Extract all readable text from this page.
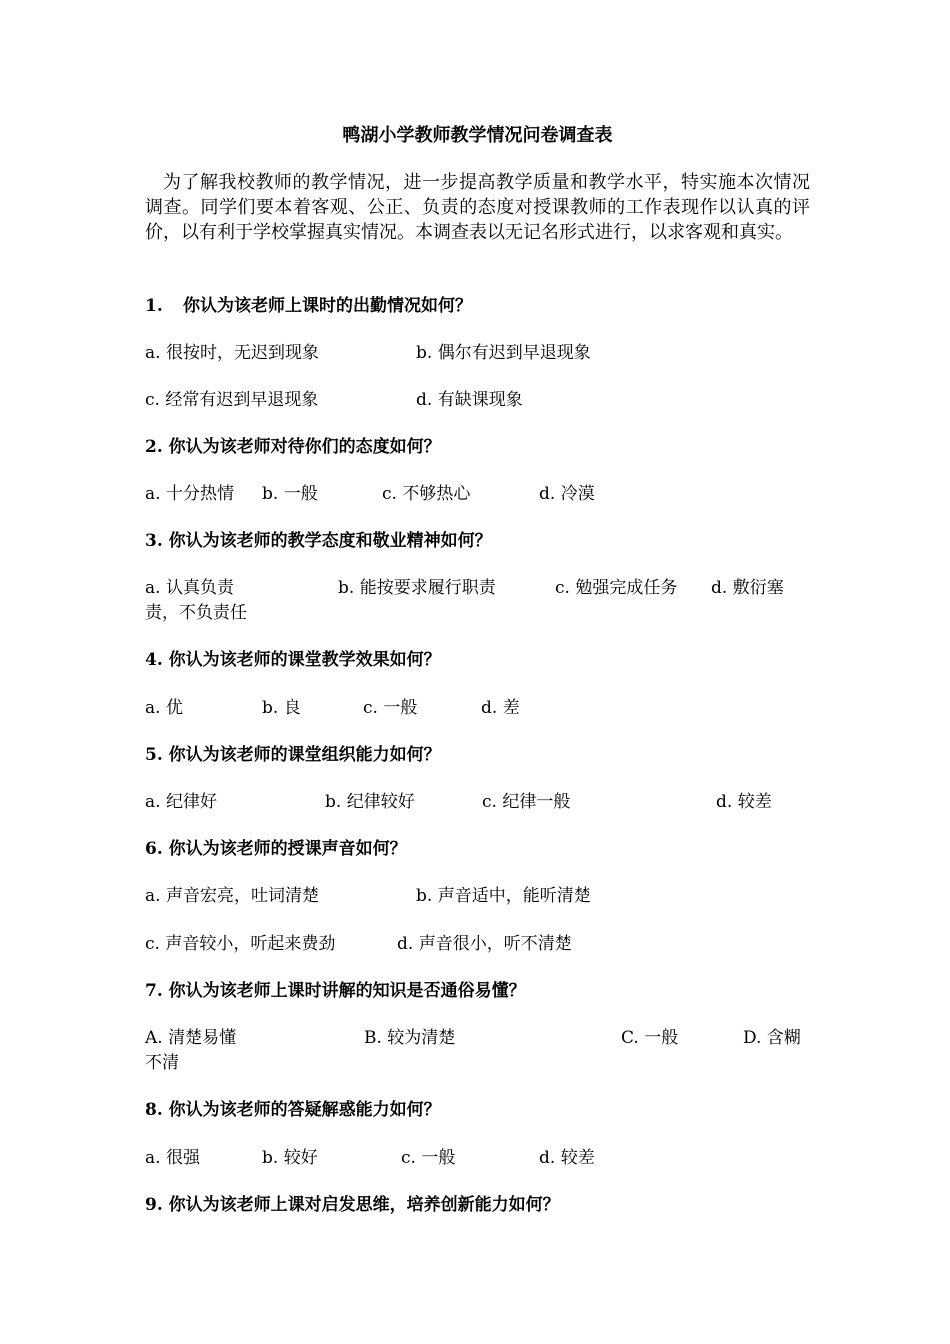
鸭湖小学教师教学情况问卷调查表

为了解我校教师的教学情况，进一步提高教学质量和教学水平，特实施本次情况调查。同学们要本着客观、公正、负责的态度对授课教师的工作表现作以认真的评价，以有利于学校掌握真实情况。本调查表以无记名形式进行，以求客观和真实。

1. 你认为该老师上课时的出勤情况如何？
a. 很按时，无迟到现象	b. 偶尔有迟到早退现象
c. 经常有迟到早退现象	d. 有缺课现象
2. 你认为该老师对待你们的态度如何？
a. 十分热情 b. 一般	c. 不够热心	d. 冷漠
3. 你认为该老师的教学态度和敬业精神如何？
a. 认真负责	b. 能按要求履行职责	c. 勉强完成任务 d. 敷衍塞
责，不负责任
4. 你认为该老师的课堂教学效果如何？
a. 优	b. 良	c. 一般	d. 差
5. 你认为该老师的课堂组织能力如何？
a. 纪律好	b. 纪律较好	c. 纪律一般	d. 较差
6. 你认为该老师的授课声音如何？
a. 声音宏亮，吐词清楚	b. 声音适中，能听清楚
c. 声音较小，听起来费劲	d. 声音很小，听不清楚
7. 你认为该老师上课时讲解的知识是否通俗易懂？
A. 清楚易懂	B. 较为清楚	C. 一般	D. 含糊
不清
8. 你认为该老师的答疑解惑能力如何？
a. 很强	b. 较好	c. 一般	d. 较差
9. 你认为该老师上课对启发思维，培养创新能力如何？
